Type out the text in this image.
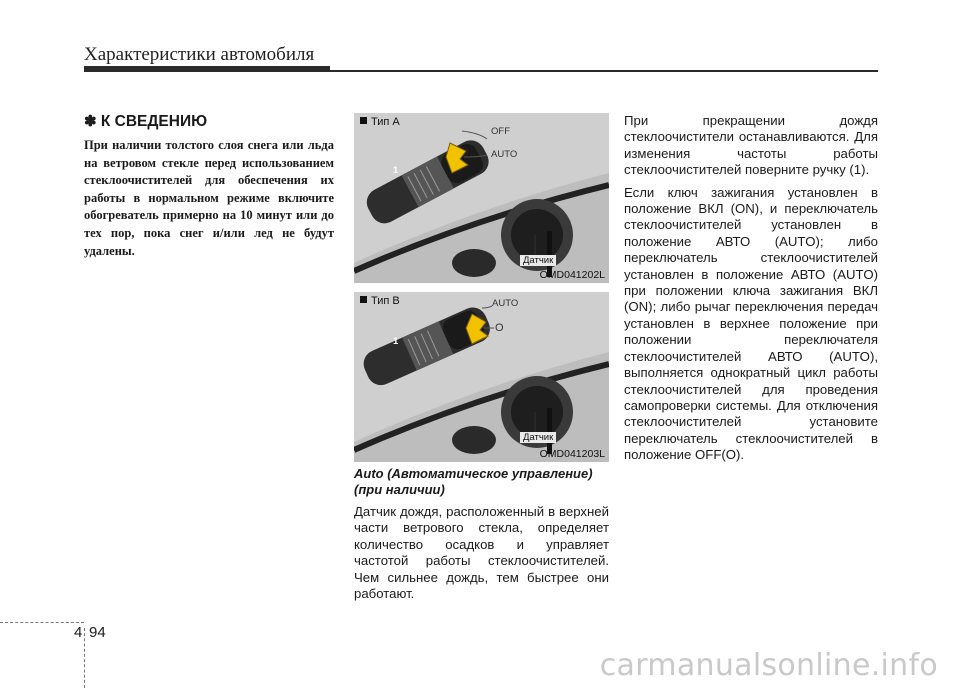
Характеристики автомобиля
✽ К СВЕДЕНИЮ
При наличии толстого слоя снега или льда на ветровом стекле перед использованием стеклоочистителей для обеспечения их работы в нормальном режиме включите обогреватель примерно на 10 минут или до тех пор, пока снег и/или лед не будут удалены.
Тип А
OFF
AUTO
1
Датчик
OMD041202L
Тип В	AUTO
O
1
Датчик
OMD041203L
Auto (Автоматическое управление) (при наличии)

Датчик дождя, расположенный в верхней части ветрового стекла, определяет количество осадков и управляет частотой работы стеклоочистителей. Чем сильнее дождь, тем быстрее они работают.

При прекращении дождя стеклоочистители останавливаются. Для изменения частоты работы стеклоочистителей поверните ручку (1).

Если ключ зажигания установлен в положение ВКЛ (ON), и переключатель стеклоочистителей установлен в положение АВТО (AUTO); либо переключатель стеклоочистителей установлен в положение АВТО (AUTO) при положении ключа зажигания ВКЛ (ON); либо рычаг переключения передач установлен в верхнее положение при положении переключателя стеклоочистителей АВТО (AUTO), выполняется однократный цикл работы стеклоочистителей для проведения самопроверки системы. Для отключения стеклоочистителей установите переключатель стеклоочистителей в положение OFF(O).

4 94
carmanualsonline.info
